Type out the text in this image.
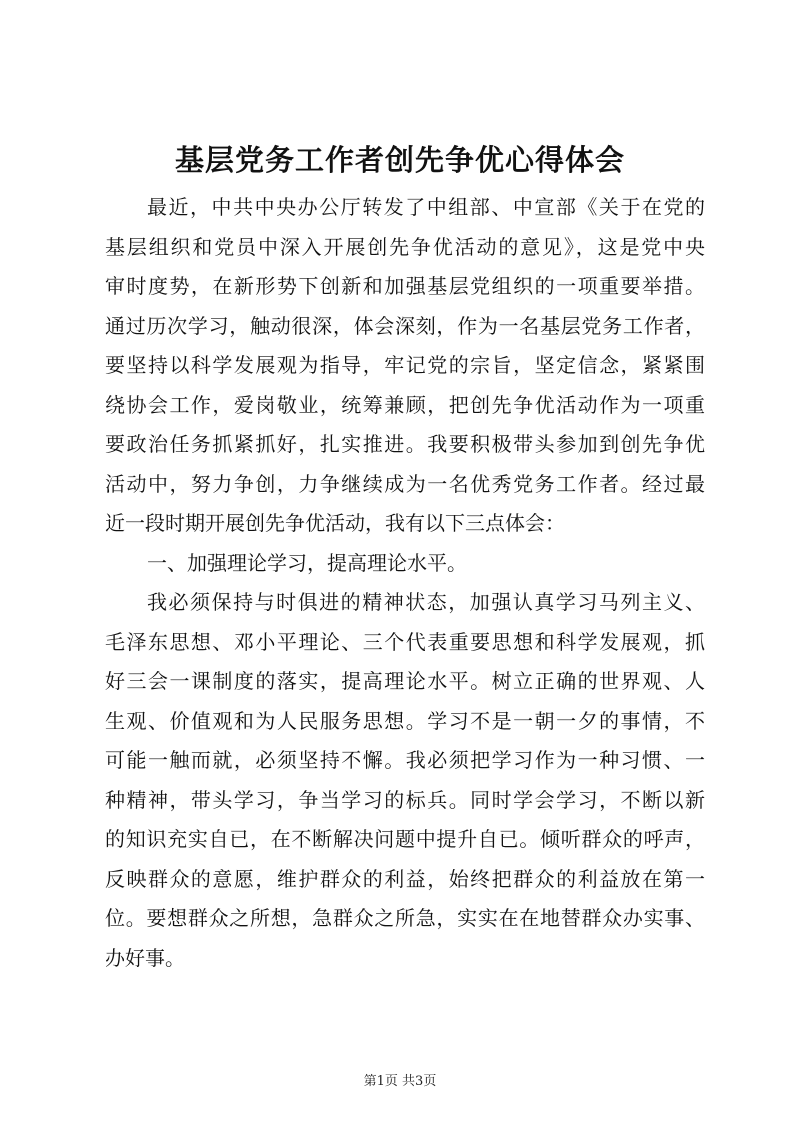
基层党务工作者创先争优心得体会
最近，中共中央办公厅转发了中组部、中宣部《关于在党的
基层组织和党员中深入开展创先争优活动的意见》，这是党中央
审时度势，在新形势下创新和加强基层党组织的一项重要举措。
通过历次学习，触动很深，体会深刻，作为一名基层党务工作者，
要坚持以科学发展观为指导，牢记党的宗旨，坚定信念，紧紧围
绕协会工作，爱岗敬业，统筹兼顾，把创先争优活动作为一项重
要政治任务抓紧抓好，扎实推进。我要积极带头参加到创先争优
活动中，努力争创，力争继续成为一名优秀党务工作者。经过最
近一段时期开展创先争优活动，我有以下三点体会：
一、加强理论学习，提高理论水平。
我必须保持与时俱进的精神状态，加强认真学习马列主义、
毛泽东思想、邓小平理论、三个代表重要思想和科学发展观，抓
好三会一课制度的落实，提高理论水平。树立正确的世界观、人
生观、价值观和为人民服务思想。学习不是一朝一夕的事情，不
可能一触而就，必须坚持不懈。我必须把学习作为一种习惯、一
种精神，带头学习，争当学习的标兵。同时学会学习，不断以新
的知识充实自已，在不断解决问题中提升自已。倾听群众的呼声，
反映群众的意愿，维护群众的利益，始终把群众的利益放在第一
位。要想群众之所想，急群众之所急，实实在在地替群众办实事、
办好事。
第1页 共3页
